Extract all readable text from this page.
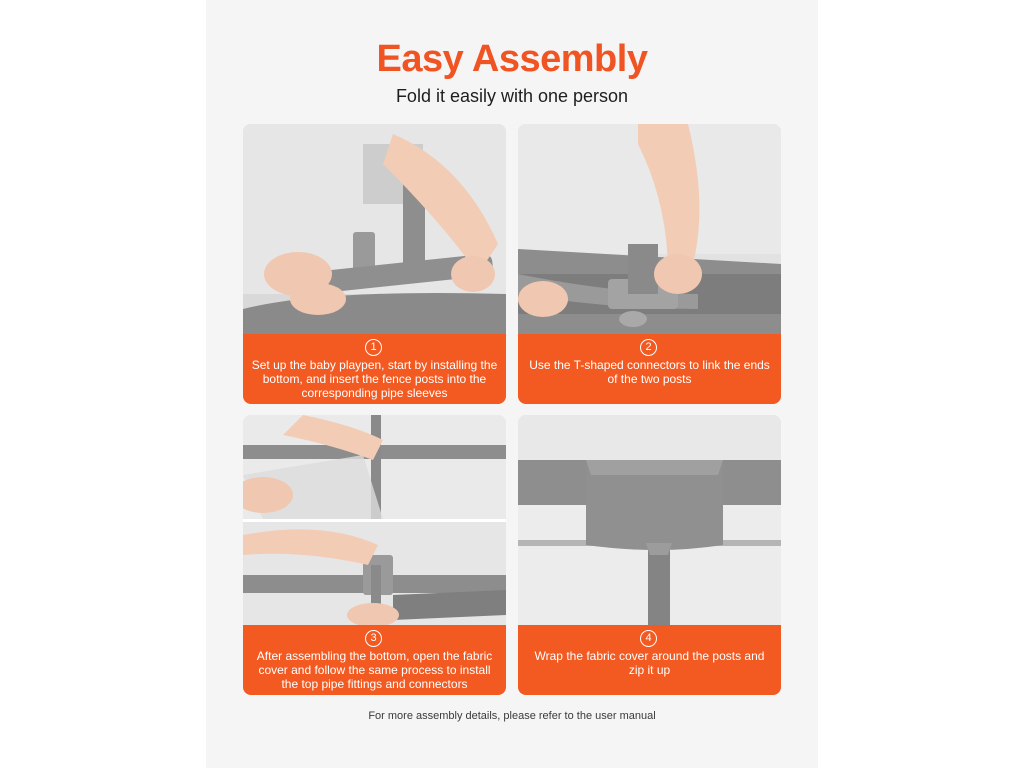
Easy Assembly
Fold it easily with one person
1
Set up the baby playpen, start by installing the bottom, and insert the fence posts into the corresponding pipe sleeves
2
Use the T-shaped connectors to link the ends of the two posts
3
After assembling the bottom, open the fabric cover and follow the same process to install the top pipe fittings and connectors
4
Wrap the fabric cover around the posts and zip it up
For more assembly details, please refer to the user manual
